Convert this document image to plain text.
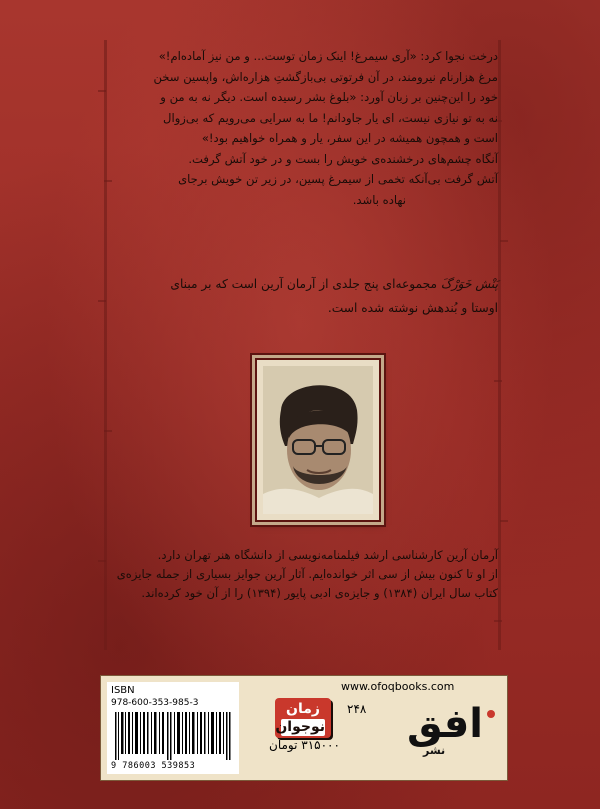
درخت نجوا کرد: «آری سیمرغ! اینک زمان توست... و من نیز آماده‌ام!»

مرغ هزارنام نیرومند، در آن فرتوتی بی‌بازگشتِ هزاره‌اش، واپسین سخن

خود را این‌چنین بر زبان آورد: «بلوغ بشر رسیده است. دیگر نه به من و

نه به تو نیازی نیست، ای یار جاودانم! ما به سرایی می‌رویم که بی‌زوال

است و همچون همیشه در این سفر، یار و همراه خواهیم بود!»

آنگاه چشم‌های درخشنده‌ی خویش را بست و در خود آتش گرفت.

آتش گرفت بی‌آنکه تخمی از سیمرغ پسین، در زیر تن خویش برجای

نهاده باشد.

پَنْش خَوَرْگَ مجموعه‌ای پنج جلدی از آرمان آرین است که بر مبنای

اوستا و بُندهش نوشته شده است.

آرمان آرین کارشناسی ارشد فیلمنامه‌نویسی از دانشگاه هنر تهران دارد.

از او تا کنون بیش از سی اثر خوانده‌ایم. آثار آرین جوایز بسیاری از جمله جایزه‌ی

کتاب سال ایران (۱۳۸۴) و جایزه‌ی ادبی پایور (۱۳۹۴) را از آن خود کرده‌اند.

ISBN
978-600-353-985-3
9 786003 539853
www.ofoqbooks.com
۲۴۸
زمان
نوجوان
۳۱۵۰۰۰ تومان افق
نشر
